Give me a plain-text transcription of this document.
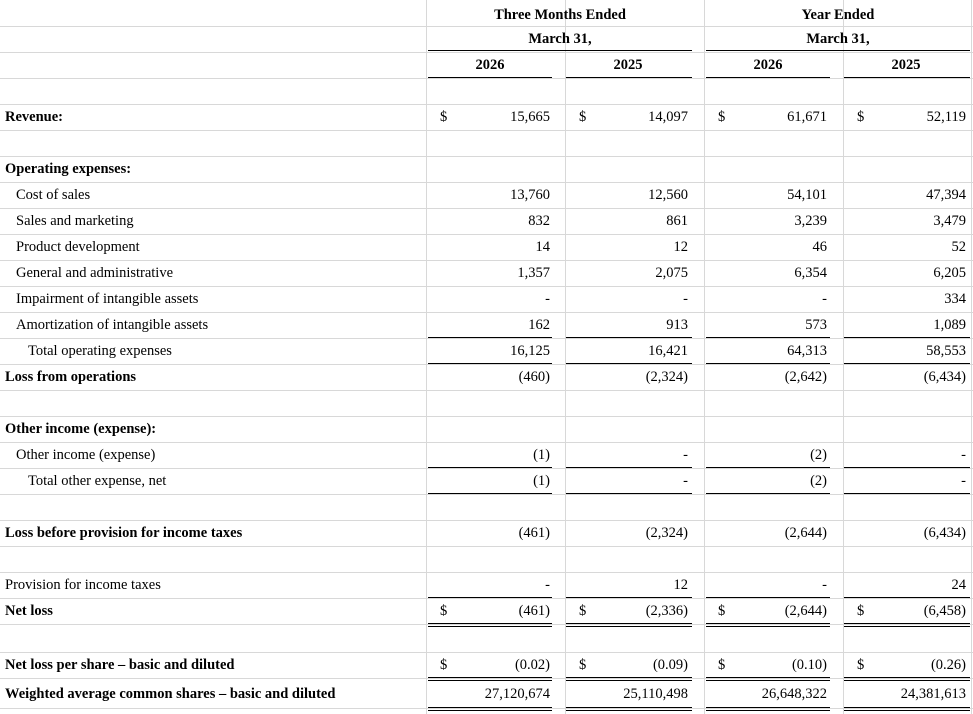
Three Months Ended
March 31,
Year Ended
March 31,
2026	2025	2026	2025
Revenue:	$	15,665 $	14,097 $	61,671 $	52,119
Operating expenses:
Cost of sales	13,760	12,560	54,101	47,394
Sales and marketing	832	861	3,239	3,479
Product development	14	12	46	52
General and administrative	1,357	2,075	6,354	6,205
Impairment of intangible assets	-	-	-	334
Amortization of intangible assets	162	913	573	1,089
Total operating expenses	16,125	16,421	64,313	58,553
Loss from operations	(460)	(2,324)	(2,642)	(6,434)
Other income (expense):
Other income (expense)	(1)	-	(2)	-
Total other expense, net	(1)	-	(2)	-
Loss before provision for income taxes	(461)	(2,324)	(2,644)	(6,434)
Provision for income taxes	-	12	-	24
Net loss	$	(461) $	(2,336) $	(2,644) $	(6,458)
Net loss per share – basic and diluted	$	(0.02) $	(0.09) $	(0.10) $	(0.26)
Weighted average common shares – basic and diluted	27,120,674	25,110,498	26,648,322	24,381,613
